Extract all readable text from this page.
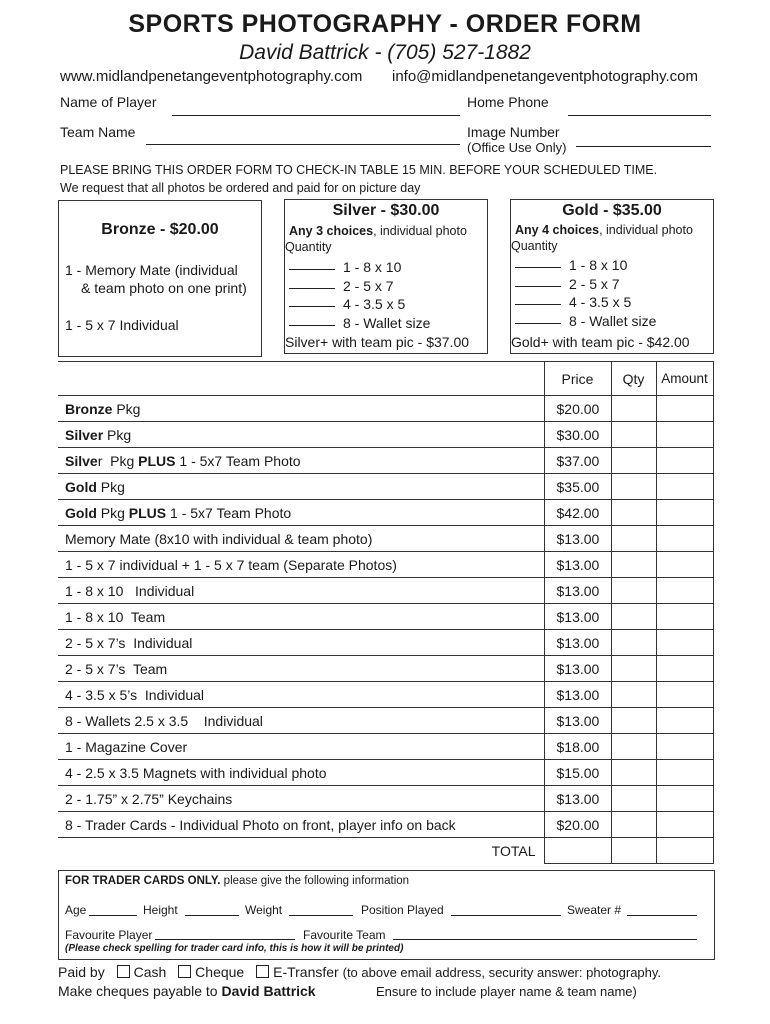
SPORTS PHOTOGRAPHY - ORDER FORM
David Battrick - (705) 527-1882
www.midlandpenetangeventphotography.com info@midlandpenetangeventphotography.com
Name of Player	Home Phone
Team Name	Image Number
(Office Use Only)
PLEASE BRING THIS ORDER FORM TO CHECK-IN TABLE 15 MIN. BEFORE YOUR SCHEDULED TIME.
We request that all photos be ordered and paid for on picture day
Bronze - $20.00
1 - Memory Mate (individual
& team photo on one print)
1 - 5 x 7 Individual
Silver - $30.00
Any 3 choices, individual photo
Quantity
1 - 8 x 10
2 - 5 x 7
4 - 3.5 x 5
8 - Wallet size
Silver+ with team pic - $37.00
Gold - $35.00
Any 4 choices, individual photo
Quantity
1 - 8 x 10
2 - 5 x 7
4 - 3.5 x 5
8 - Wallet size
Gold+ with team pic - $42.00
	Price	Qty	Amount
Bronze Pkg	$20.00		
Silver Pkg	$30.00		
Silver  Pkg PLUS 1 - 5x7 Team Photo	$37.00		
Gold Pkg	$35.00		
Gold Pkg PLUS 1 - 5x7 Team Photo	$42.00		
Memory Mate (8x10 with individual & team photo)	$13.00		
1 - 5 x 7 individual + 1 - 5 x 7 team (Separate Photos)	$13.00		
1 - 8 x 10   Individual	$13.00		
1 - 8 x 10  Team	$13.00		
2 - 5 x 7’s  Individual	$13.00		
2 - 5 x 7’s  Team	$13.00		
4 - 3.5 x 5’s  Individual	$13.00		
8 - Wallets 2.5 x 3.5    Individual	$13.00		
1 - Magazine Cover	$18.00		
4 - 2.5 x 3.5 Magnets with individual photo	$15.00		
2 - 1.75” x 2.75” Keychains	$13.00		
8 - Trader Cards - Individual Photo on front, player info on back	$20.00		
TOTAL			
FOR TRADER CARDS ONLY. please give the following information
Age	Height	Weight	Position Played	Sweater #
Favourite Player	Favourite Team
(Please check spelling for trader card info, this is how it will be printed)
Paid by Cash Cheque E-Transfer (to above email address, security answer: photography.
Make cheques payable to David Battrick	Ensure to include player name & team name)
